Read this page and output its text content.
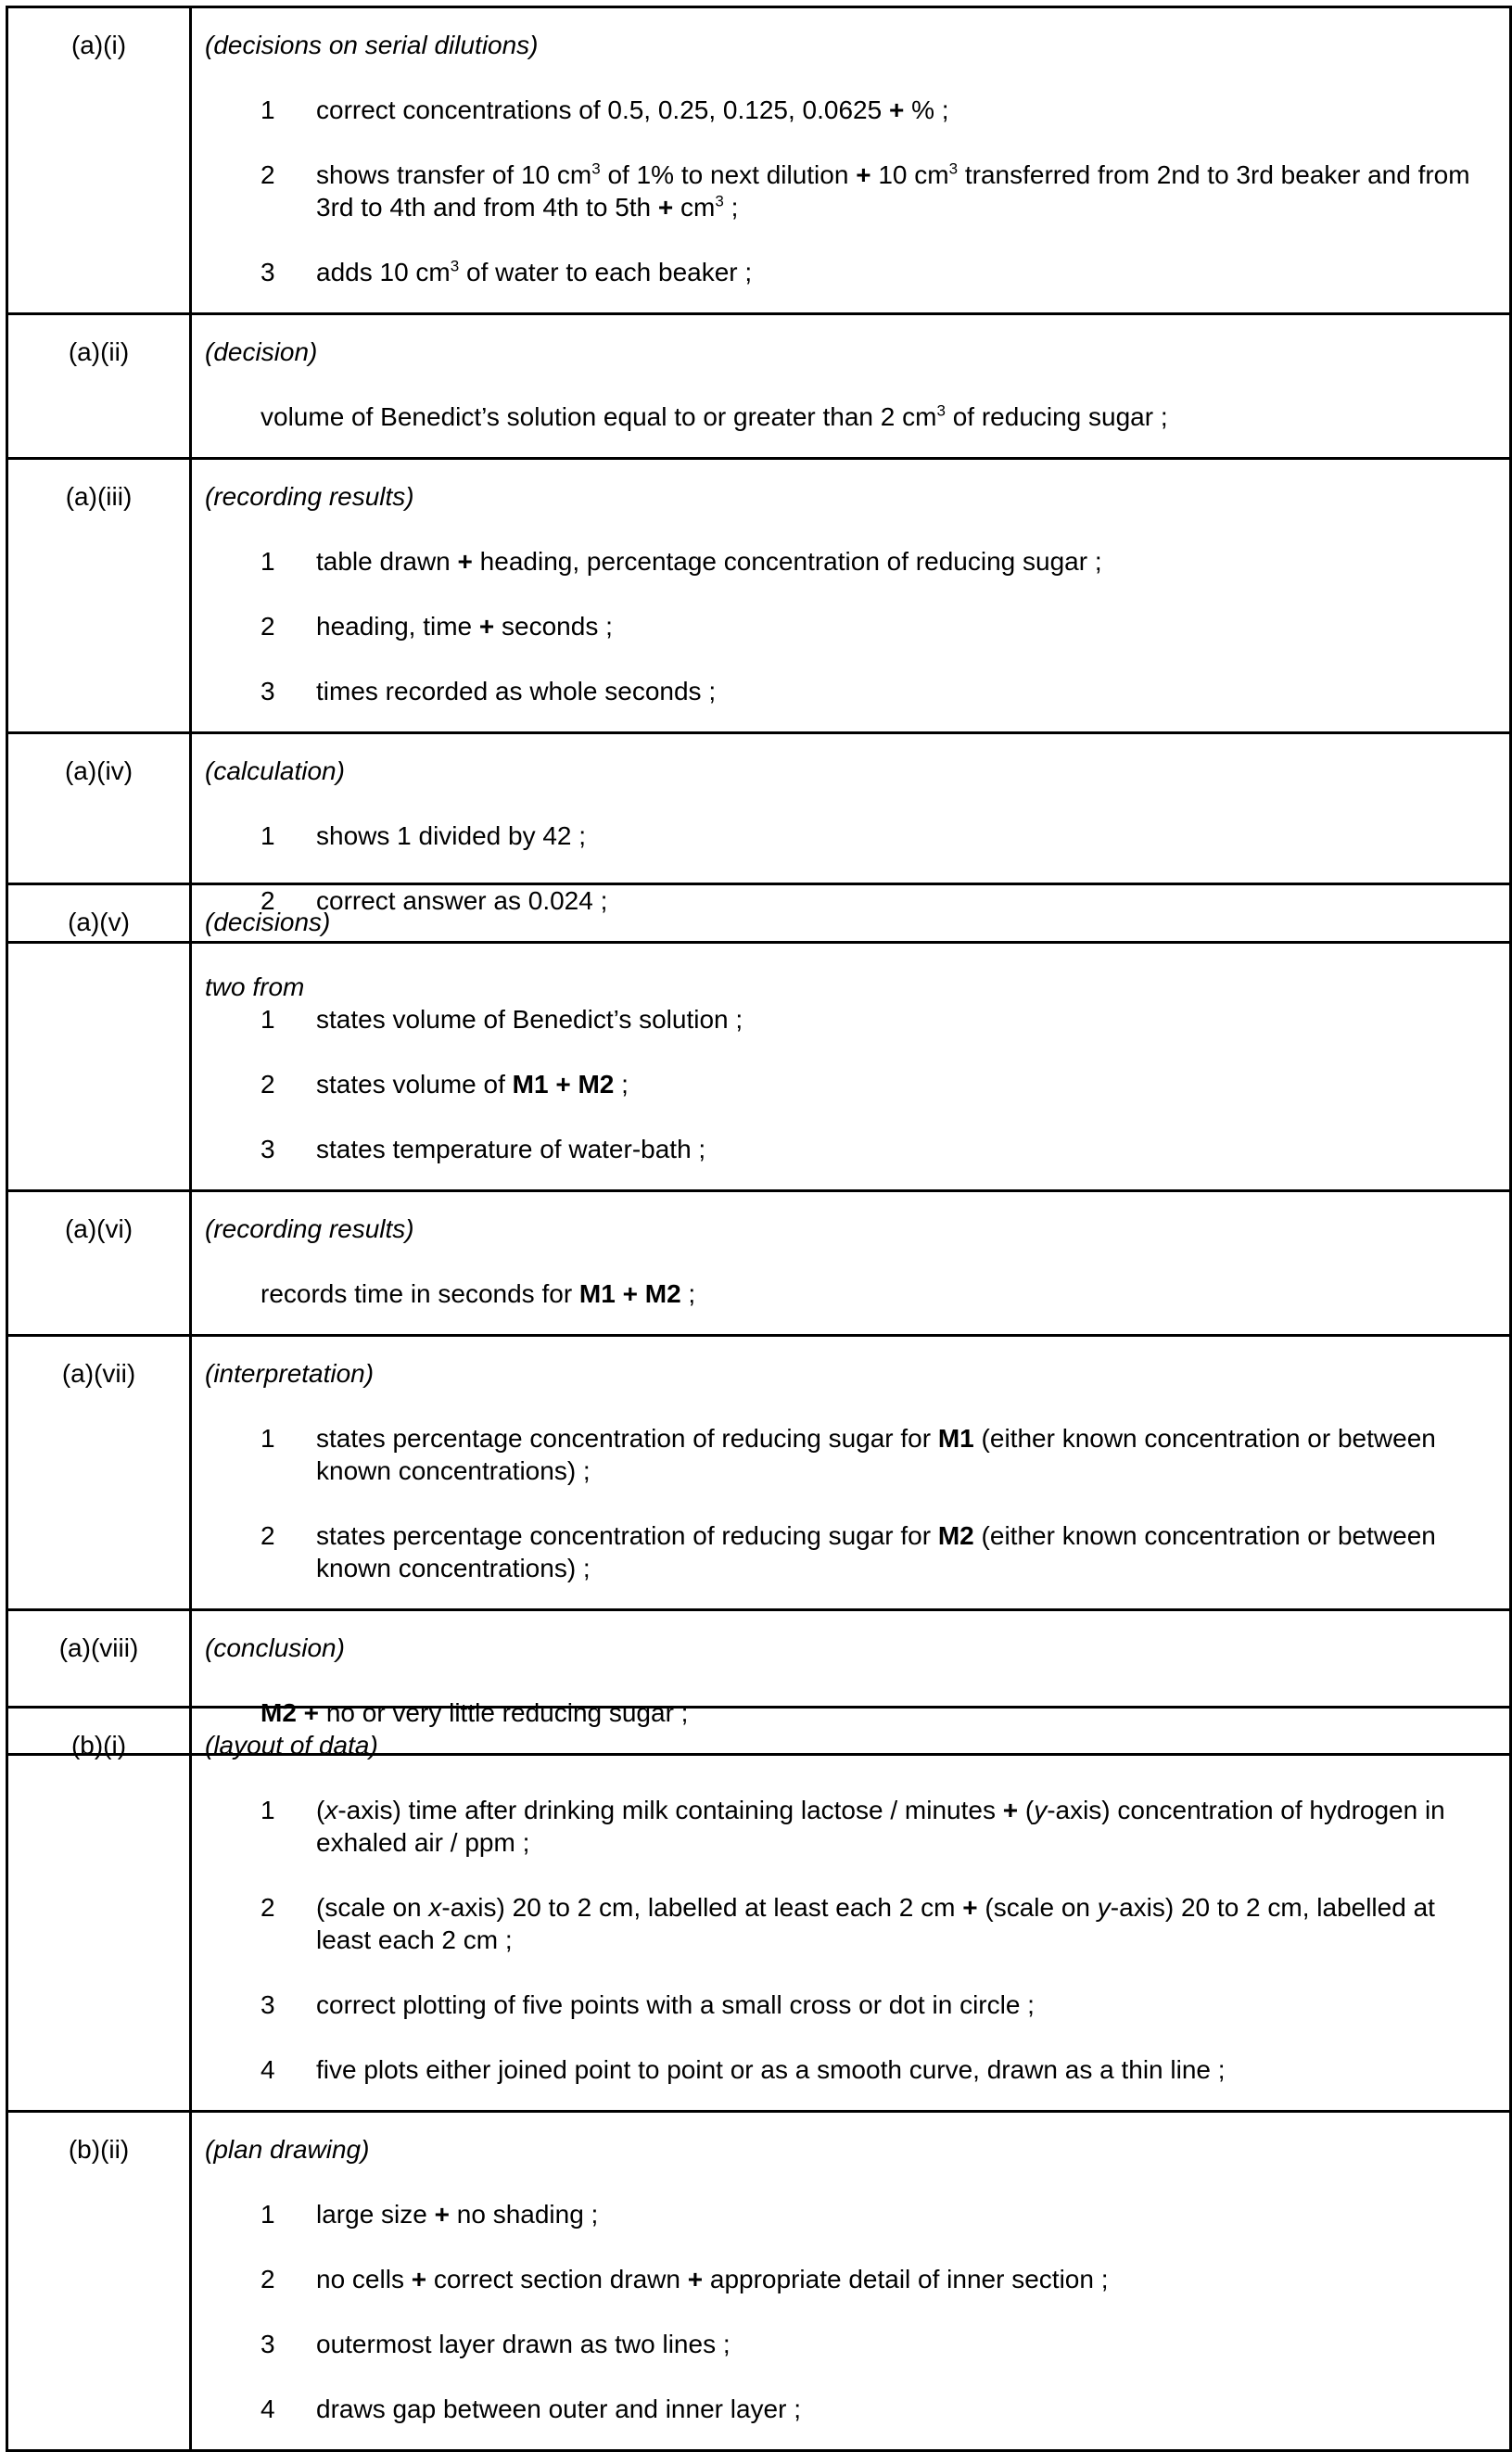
(a)(i)	(decisions on serial dilutions)
1	correct concentrations of 0.5, 0.25, 0.125, 0.0625 + % ;
2	shows transfer of 10 $cm^3$ of 1% to next dilution + 10 $cm^3$ transferred from 2nd to 3rd beaker and from 3rd to 4th and from 4th to $5th + cm^3$ ;
3	adds 10 $cm^3$ of water to each beaker ;
(a)(ii)	(decision)
volume of Benedict’s solution equal to or greater than 2 $cm^3$ of reducing sugar ;
(a)(iii)	(recording results)
1	table drawn + heading, percentage concentration of reducing sugar ;
2	heading, time + seconds ;
3	times recorded as whole seconds ;
(a)(iv)	(calculation)
1	shows 1 divided by 42 ;
2	correct answer as 0.024 ;
(a)(v)	(decisions)
two from
1	states volume of Benedict’s solution ;
2	states volume of M1 + M2 ;
3	states temperature of water-bath ;
(a)(vi)	(recording results)
records time in seconds for M1 + M2 ;
(a)(vii)	(interpretation)
1	states percentage concentration of reducing sugar for M1 (either known concentration or between known concentrations) ;
2	states percentage concentration of reducing sugar for M2 (either known concentration or between known concentrations) ;
(a)(viii)	(conclusion)
M2 + no or very little reducing sugar ;
(b)(i)	(layout of data)
1	(x-axis) time after drinking milk containing lactose / minutes + (y-axis) concentration of hydrogen in exhaled air / ppm ;
2	(scale on x-axis) 20 to 2 cm, labelled at least each 2 cm + (scale on y-axis) 20 to 2 cm, labelled at least each 2 cm ;
3	correct plotting of five points with a small cross or dot in circle ;
4	five plots either joined point to point or as a smooth curve, drawn as a thin line ;
(b)(ii)	(plan drawing)
1	large size + no shading ;
2	no cells + correct section drawn + appropriate detail of inner section ;
3	outermost layer drawn as two lines ;
4	draws gap between outer and inner layer ;
